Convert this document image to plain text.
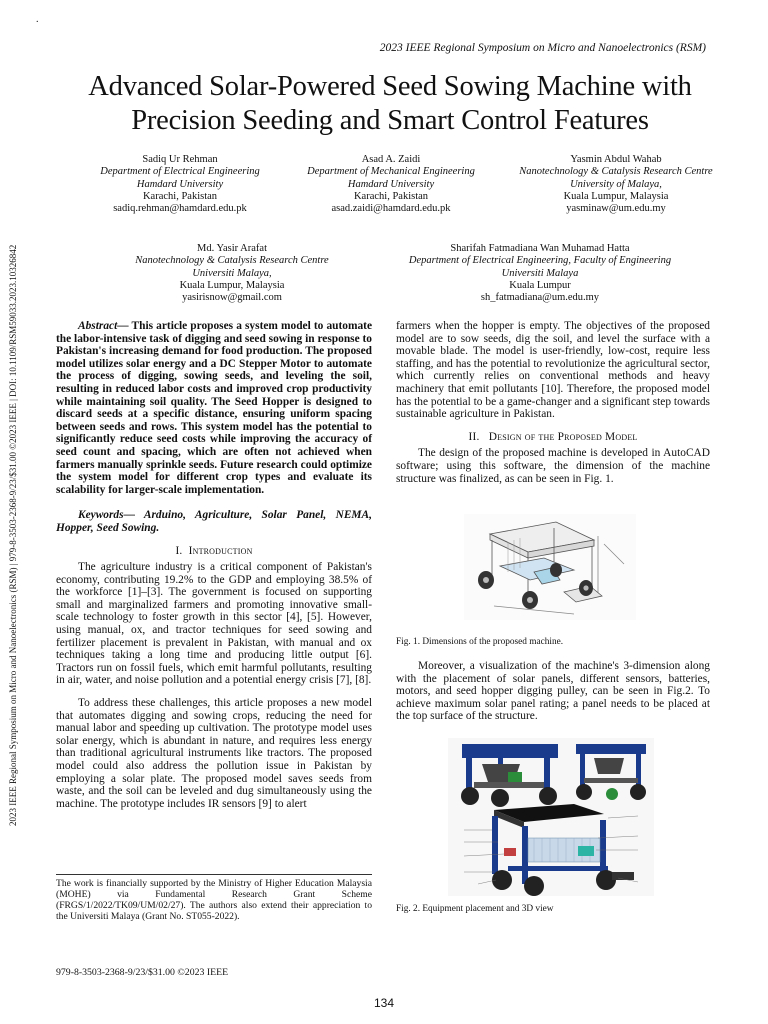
.
2023 IEEE Regional Symposium on Micro and Nanoelectronics (RSM)
Advanced Solar-Powered Seed Sowing Machine with
Precision Seeding and Smart Control Features
2023 IEEE Regional Symposium on Micro and Nanoelectronics (RSM) | 979-8-3503-2368-9/23/$31.00 ©2023 IEEE | DOI: 10.1109/RSM59033.2023.10326842
Sadiq Ur Rehman
Department of Electrical Engineering
Hamdard University
Karachi, Pakistan
sadiq.rehman@hamdard.edu.pk
Asad A. Zaidi
Department of Mechanical Engineering
Hamdard University
Karachi, Pakistan
asad.zaidi@hamdard.edu.pk
Yasmin Abdul Wahab
Nanotechnology & Catalysis Research Centre
University of Malaya,
Kuala Lumpur, Malaysia
yasminaw@um.edu.my
Md. Yasir Arafat
Nanotechnology & Catalysis Research Centre
Universiti Malaya,
Kuala Lumpur, Malaysia
yasirisnow@gmail.com
Sharifah Fatmadiana Wan Muhamad Hatta
Department of Electrical Engineering, Faculty of Engineering
Universiti Malaya
Kuala Lumpur
sh_fatmadiana@um.edu.my

Abstract— This article proposes a system model to automate the labor-intensive task of digging and seed sowing in response to Pakistan's increasing demand for food production. The proposed model utilizes solar energy and a DC Stepper Motor to automate the process of digging, sowing seeds, and leveling the soil, resulting in reduced labor costs and improved crop productivity while maintaining soil quality. The Seed Hopper is designed to discard seeds at a specific distance, ensuring uniform spacing between seeds and rows. This system model has the potential to significantly reduce seed costs while improving the accuracy of seed count and spacing, which are often not achieved when farmers manually sprinkle seeds. Future research could optimize the system model for different crop types and evaluate its scalability for larger-scale implementation.

Keywords— Arduino, Agriculture, Solar Panel, NEMA, Hopper, Seed Sowing.

I. Introduction

The agriculture industry is a critical component of Pakistan's economy, contributing 19.2% to the GDP and employing 38.5% of the workforce [1]–[3]. The government is focused on supporting small and marginalized farmers and promoting innovative small-scale technology to foster growth in this sector [4], [5]. However, using manual, ox, and tractor techniques for seed sowing and fertilizer placement is prevalent in Pakistan, with manual and ox techniques taking a long time and producing little output [6]. Tractors run on fossil fuels, which emit harmful pollutants, resulting in air, water, and noise pollution and a potential energy crisis [7], [8].

To address these challenges, this article proposes a new model that automates digging and sowing crops, reducing the need for manual labor and speeding up cultivation. The prototype model uses solar energy, which is abundant in nature, and requires less energy than traditional agricultural instruments like tractors. The proposed model could also address the pollution issue in Pakistan by employing a solar plate. The proposed model saves seeds from waste, and the soil can be leveled and dug simultaneously using the machine. The prototype includes IR sensors [9] to alert

The work is financially supported by the Ministry of Higher Education Malaysia (MOHE) via Fundamental Research Grant Scheme (FRGS/1/2022/TK09/UM/02/27). The authors also extend their appreciation to the Universiti Malaya (Grant No. ST055-2022).

farmers when the hopper is empty. The objectives of the proposed model are to sow seeds, dig the soil, and level the surface with a movable blade. The model is user-friendly, low-cost, require less staffing, and has the potential to revolutionize the agricultural sector, which currently relies on conventional methods and heavy machinery that emit pollutants [10]. Therefore, the proposed model has the potential to be a game-changer and a significant step towards sustainable agriculture in Pakistan.

II. Design of the Proposed Model

The design of the proposed machine is developed in AutoCAD software; using this software, the dimension of the machine structure was finalized, as can be seen in Fig. 1.

Fig. 1. Dimensions of the proposed machine.

Moreover, a visualization of the machine's 3-dimension along with the placement of solar panels, different sensors, batteries, motors, and seed hopper digging pulley, can be seen in Fig.2. To achieve maximum solar panel rating; a panel needs to be placed at the top surface of the structure.

Fig. 2. Equipment placement and 3D view
979-8-3503-2368-9/23/$31.00 ©2023 IEEE
134
